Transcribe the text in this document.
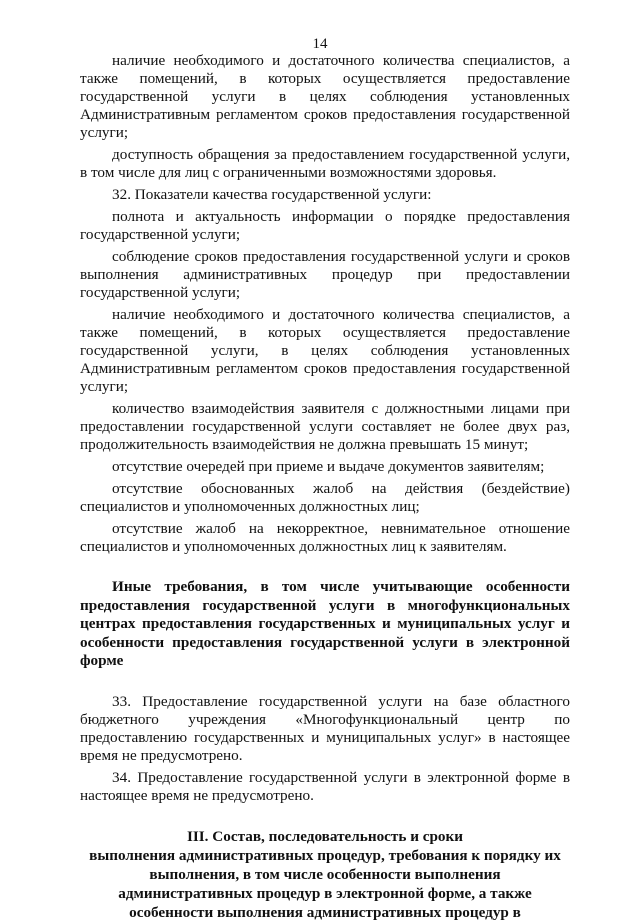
14

наличие необходимого и достаточного количества специалистов, а также помещений, в которых осуществляется предоставление государственной услуги в целях соблюдения установленных Административным регламентом сроков предоставления государственной услуги;

доступность обращения за предоставлением государственной услуги, в том числе для лиц с ограниченными возможностями здоровья.

32. Показатели качества государственной услуги:

полнота и актуальность информации о порядке предоставления государственной услуги;

соблюдение сроков предоставления государственной услуги и сроков выполнения административных процедур при предоставлении государственной услуги;

наличие необходимого и достаточного количества специалистов, а также помещений, в которых осуществляется предоставление государственной услуги, в целях соблюдения установленных Административным регламентом сроков предоставления государственной услуги;

количество взаимодействия заявителя с должностными лицами при предоставлении государственной услуги составляет не более двух раз, продолжительность взаимодействия не должна превышать 15 минут;

отсутствие очередей при приеме и выдаче документов заявителям;

отсутствие обоснованных жалоб на действия (бездействие) специалистов и уполномоченных должностных лиц;

отсутствие жалоб на некорректное, невнимательное отношение специалистов и уполномоченных должностных лиц к заявителям.

Иные требования, в том числе учитывающие особенности предоставления государственной услуги в многофункциональных центрах предоставления государственных и муниципальных услуг и особенности предоставления государственной услуги в электронной форме

33. Предоставление государственной услуги на базе областного бюджетного учреждения «Многофункциональный центр по предоставлению государственных и муниципальных услуг» в настоящее время не предусмотрено.

34. Предоставление государственной услуги в электронной форме в настоящее время не предусмотрено.

III. Состав, последовательность и сроки
выполнения административных процедур, требования к порядку их
выполнения, в том числе особенности выполнения
административных процедур в электронной форме, а также
особенности выполнения административных процедур в
